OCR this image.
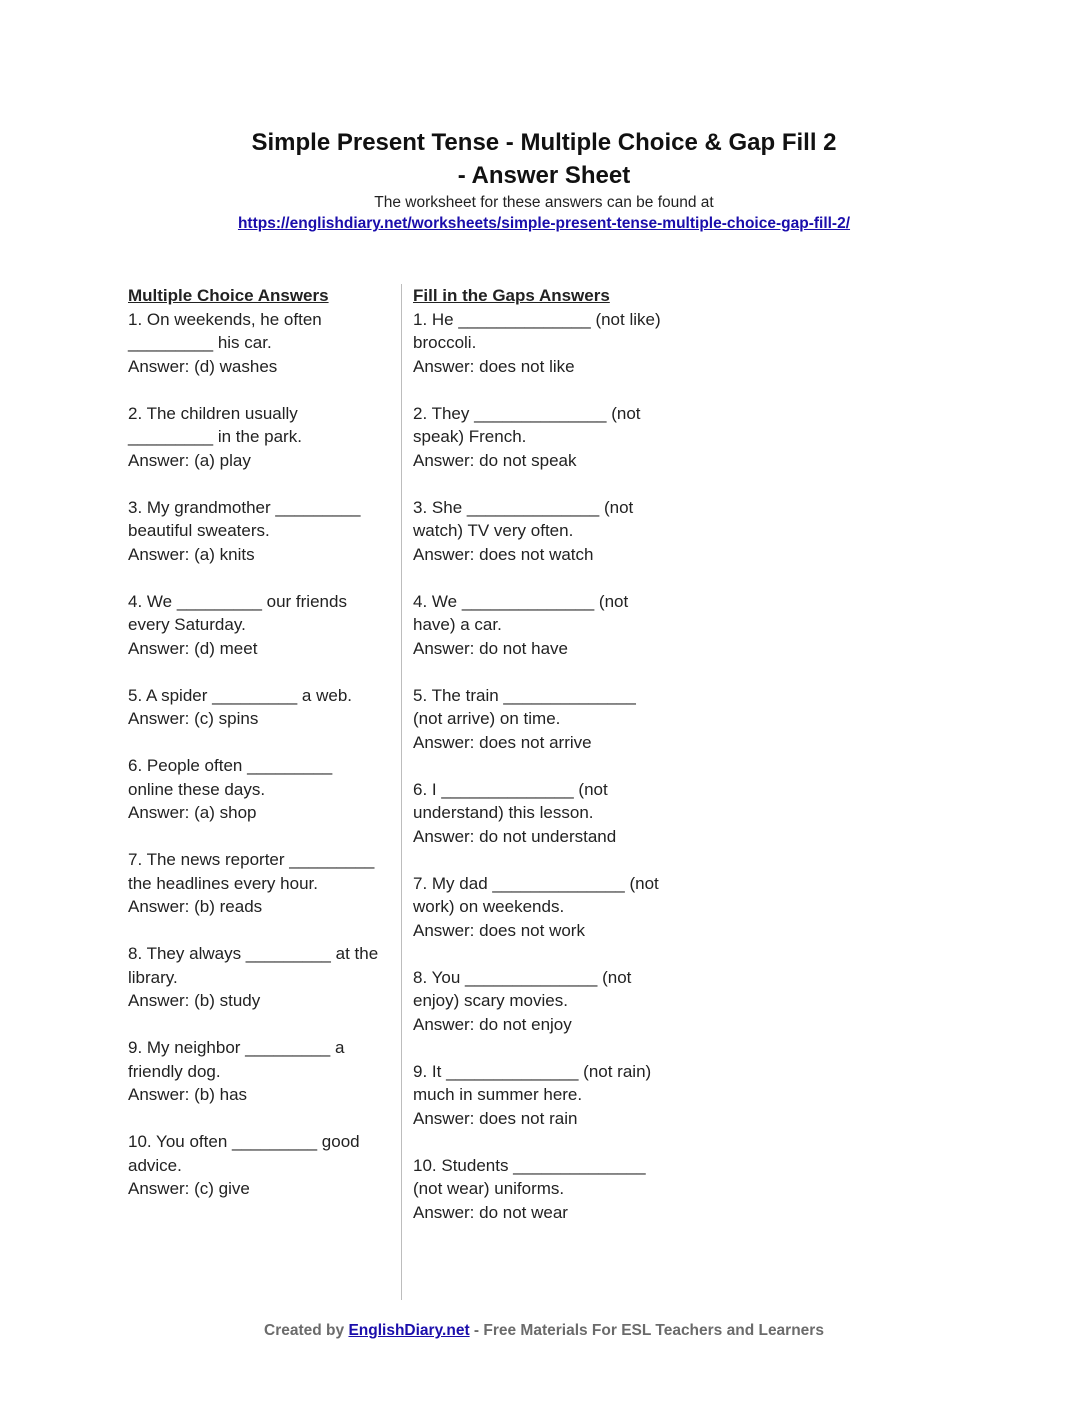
Simple Present Tense - Multiple Choice & Gap Fill 2
- Answer Sheet
The worksheet for these answers can be found at
https://englishdiary.net/worksheets/simple-present-tense-multiple-choice-gap-fill-2/
Multiple Choice Answers
1. On weekends, he often
_________ his car.
Answer: (d) washes
2. The children usually
_________ in the park.
Answer: (a) play
3. My grandmother _________
beautiful sweaters.
Answer: (a) knits
4. We _________ our friends
every Saturday.
Answer: (d) meet
5. A spider _________ a web.
Answer: (c) spins
6. People often _________
online these days.
Answer: (a) shop
7. The news reporter _________
the headlines every hour.
Answer: (b) reads
8. They always _________ at the
library.
Answer: (b) study
9. My neighbor _________ a
friendly dog.
Answer: (b) has
10. You often _________ good
advice.
Answer: (c) give
Fill in the Gaps Answers
1. He ______________ (not like)
broccoli.
Answer: does not like
2. They ______________ (not
speak) French.
Answer: do not speak
3. She ______________ (not
watch) TV very often.
Answer: does not watch
4. We ______________ (not
have) a car.
Answer: do not have
5. The train ______________
(not arrive) on time.
Answer: does not arrive
6. I ______________ (not
understand) this lesson.
Answer: do not understand
7. My dad ______________ (not
work) on weekends.
Answer: does not work
8. You ______________ (not
enjoy) scary movies.
Answer: do not enjoy
9. It ______________ (not rain)
much in summer here.
Answer: does not rain
10. Students ______________
(not wear) uniforms.
Answer: do not wear
Created by EnglishDiary.net - Free Materials For ESL Teachers and Learners
